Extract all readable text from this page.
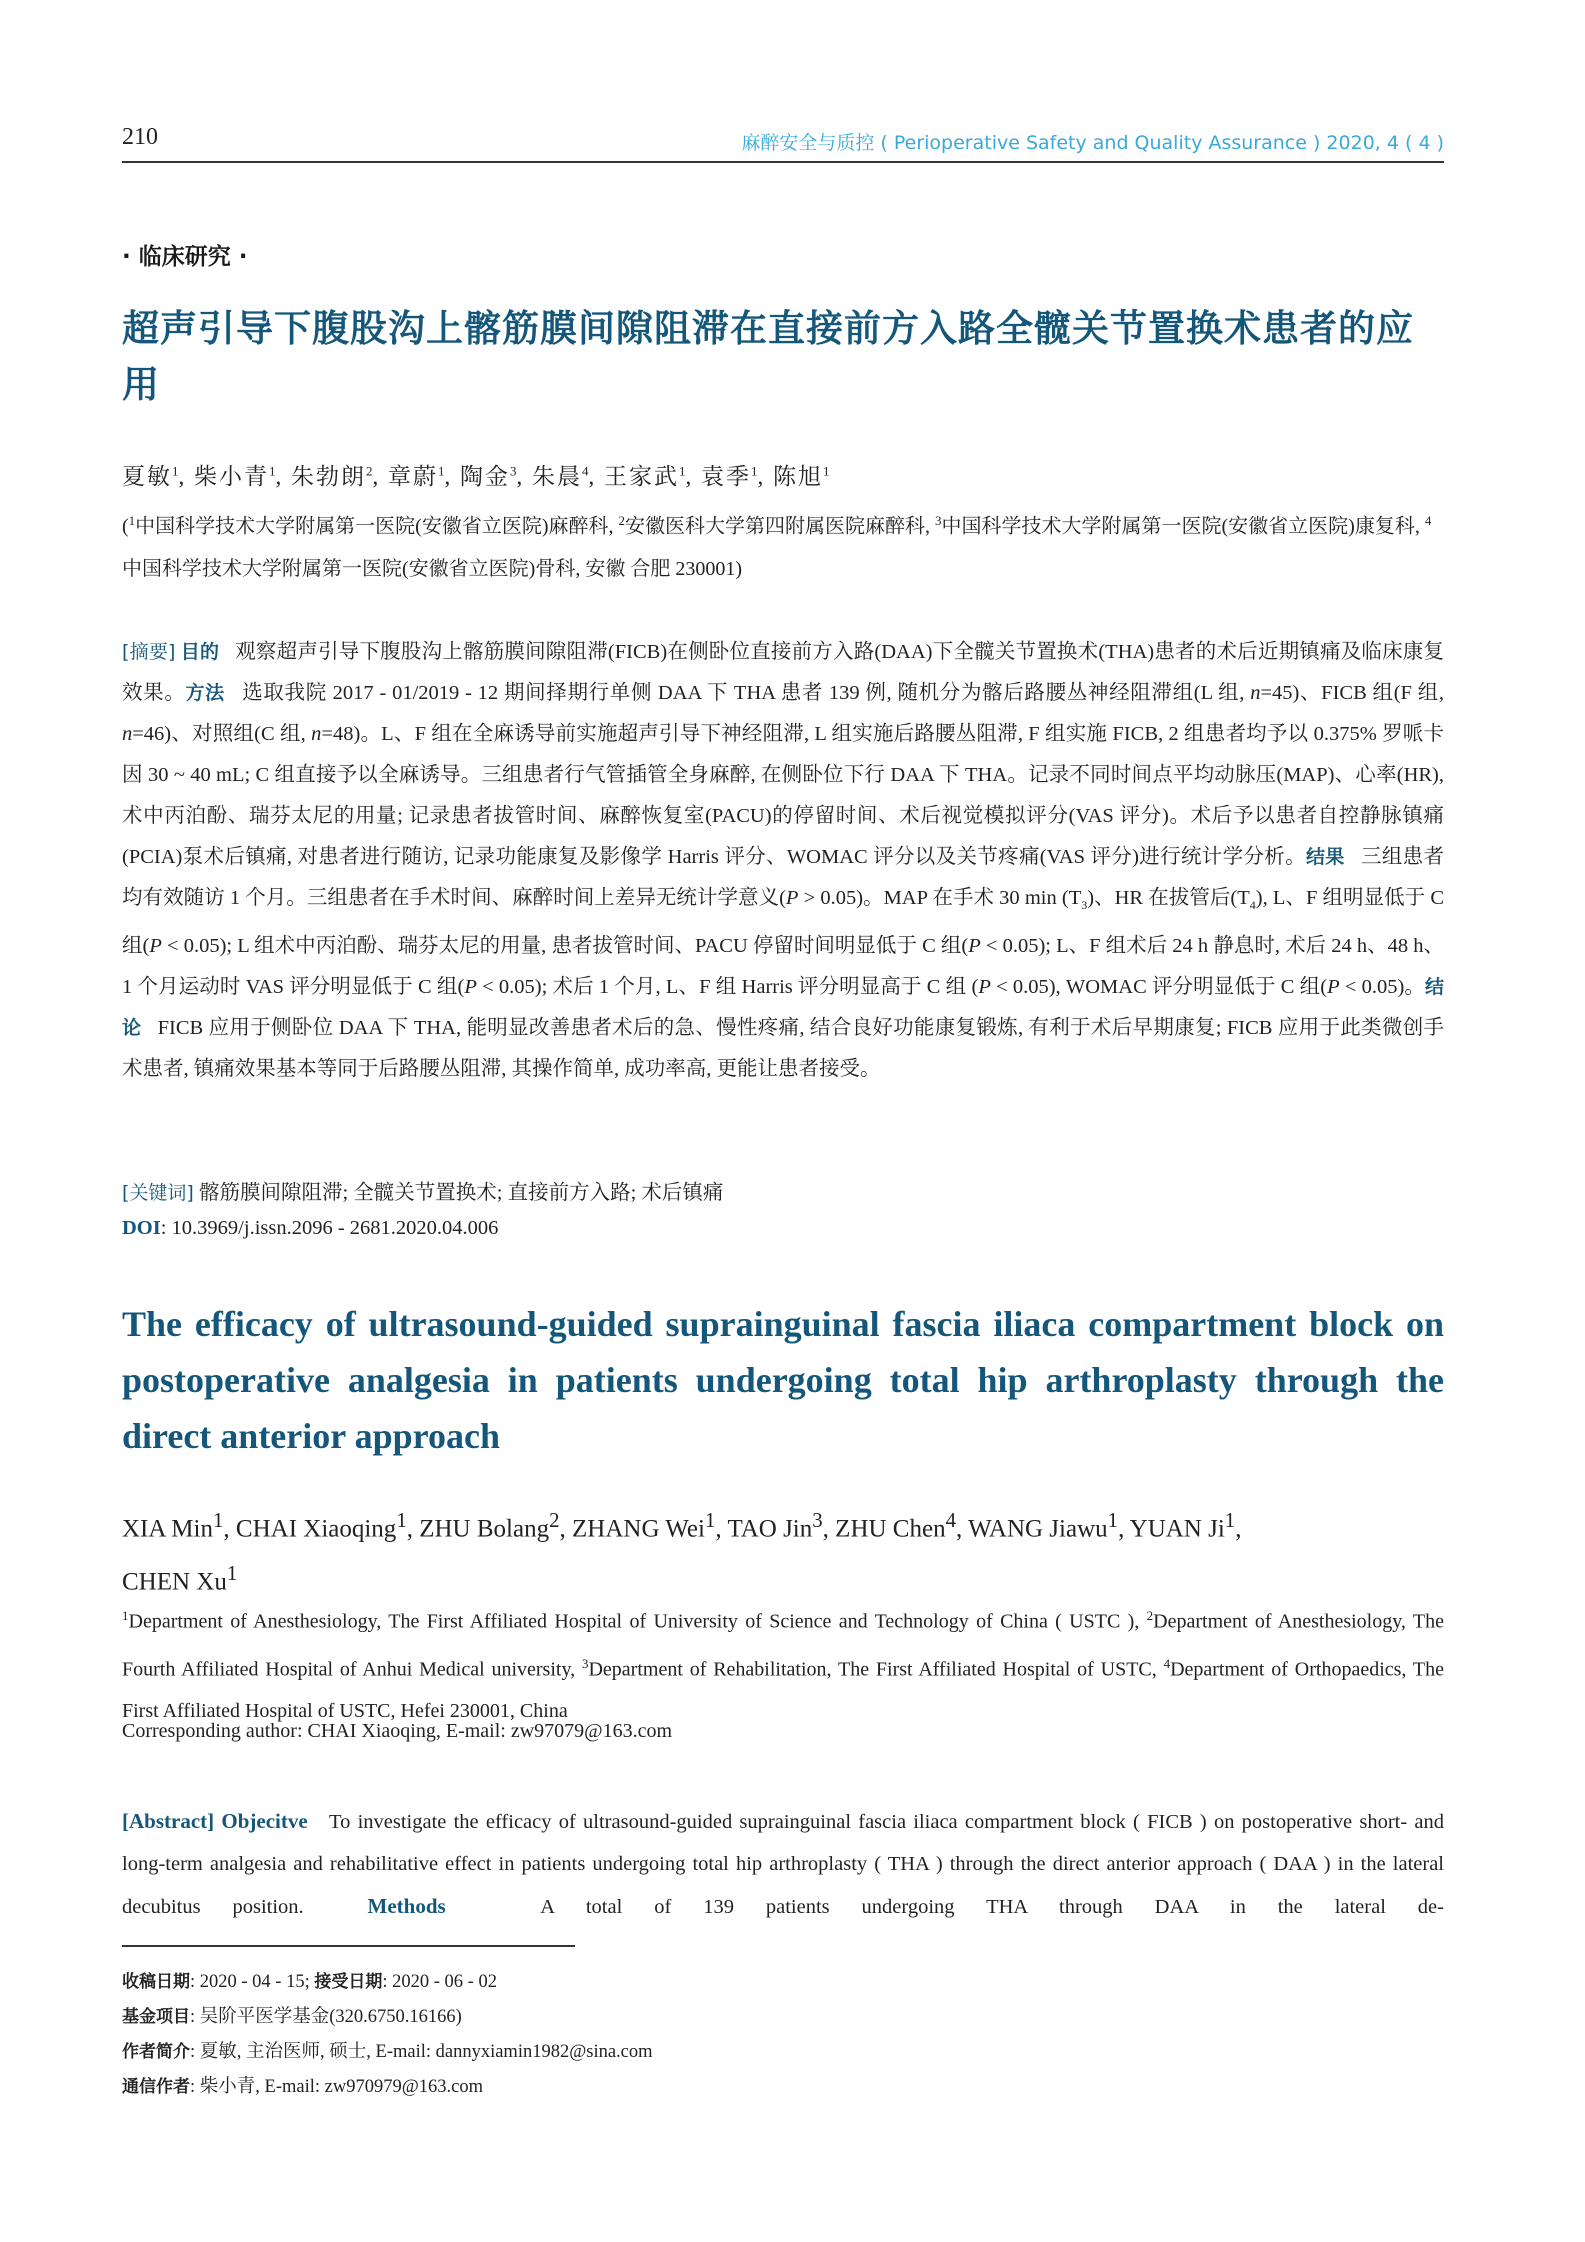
210	麻醉安全与质控 ( Perioperative Safety and Quality Assurance ) 2020, 4 ( 4 )
· 临床研究 ·
超声引导下腹股沟上髂筋膜间隙阻滞在直接前方入路全髋关节置换术患者的应用
夏敏$^1$, 柴小青$^1$, 朱勃朗$^2$, 章蔚$^1$, 陶金$^3$, 朱晨$^4$, 王家武$^1$, 袁季$^1$, 陈旭$^1$
($^1$中国科学技术大学附属第一医院(安徽省立医院)麻醉科, $^2$安徽医科大学第四附属医院麻醉科, $^3$中国科学技术大学附属第一医院(安徽省立医院)康复科, $^4$中国科学技术大学附属第一医院(安徽省立医院)骨科, 安徽 合肥 230001)
[摘要] 目的 观察超声引导下腹股沟上髂筋膜间隙阻滞(FICB)在侧卧位直接前方入路(DAA)下全髋关节置换术(THA)患者的术后近期镇痛及临床康复效果。方法 选取我院 2017 - 01/2019 - 12 期间择期行单侧 DAA 下 THA 患者 139 例, 随机分为髂后路腰丛神经阻滞组(L 组, n=45)、FICB 组(F 组, n=46)、对照组(C 组, n=48)。L、F 组在全麻诱导前实施超声引导下神经阻滞, L 组实施后路腰丛阻滞, F 组实施 FICB, 2 组患者均予以 0.375% 罗哌卡因 30 ~ 40 mL; C 组直接予以全麻诱导。三组患者行气管插管全身麻醉, 在侧卧位下行 DAA 下 THA。记录不同时间点平均动脉压(MAP)、心率(HR), 术中丙泊酚、瑞芬太尼的用量; 记录患者拔管时间、麻醉恢复室(PACU)的停留时间、术后视觉模拟评分(VAS 评分)。术后予以患者自控静脉镇痛(PCIA)泵术后镇痛, 对患者进行随访, 记录功能康复及影像学 Harris 评分、WOMAC 评分以及关节疼痛(VAS 评分)进行统计学分析。结果 三组患者均有效随访 1 个月。三组患者在手术时间、麻醉时间上差异无统计学意义(P > 0.05)。MAP 在手术 30 $\min (T_3)$、HR 在拔管后$(T_4)$, L、F 组明显低于 C 组(P < 0.05); L 组术中丙泊酚、瑞芬太尼的用量, 患者拔管时间、PACU 停留时间明显低于 C 组(P < 0.05); L、F 组术后 24 h 静息时, 术后 24 h、48 h、1 个月运动时 VAS 评分明显低于 C 组(P < 0.05); 术后 1 个月, L、F 组 Harris 评分明显高于 C 组 (P < 0.05), WOMAC 评分明显低于 C 组(P < 0.05)。结论 FICB 应用于侧卧位 DAA 下 THA, 能明显改善患者术后的急、慢性疼痛, 结合良好功能康复锻炼, 有利于术后早期康复; FICB 应用于此类微创手术患者, 镇痛效果基本等同于后路腰丛阻滞, 其操作简单, 成功率高, 更能让患者接受。
[关键词] 髂筋膜间隙阻滞; 全髋关节置换术; 直接前方入路; 术后镇痛
DOI: 10.3969/j.issn.2096 - 2681.2020.04.006
The efficacy of ultrasound-guided suprainguinal fascia iliaca compartment block on postoperative analgesia in patients undergoing total hip arthroplasty through the direct anterior approach
XIA Min$^1$, CHAI Xiaoqing$^1$, ZHU Bolang$^2$, ZHANG Wei$^1$, TAO Jin$^3$, ZHU Chen$^4$, WANG Jiawu$^1$, YUAN Ji$^1$,
CHEN Xu$^1$
$^1$Department of Anesthesiology, The First Affiliated Hospital of University of Science and Technology of China ( USTC ), $^2$Department of Anesthesiology, The Fourth Affiliated Hospital of Anhui Medical university, $^3$Department of Rehabilitation, The First Affiliated Hospital of USTC, $^4$Department of Orthopaedics, The First Affiliated Hospital of USTC, Hefei 230001, China
Corresponding author: CHAI Xiaoqing, E-mail: zw97079@163.com
[Abstract] Objecitve To investigate the efficacy of ultrasound-guided suprainguinal fascia iliaca compartment block ( FICB ) on postoperative short- and long-term analgesia and rehabilitative effect in patients undergoing total hip arthroplasty ( THA ) through the direct anterior approach ( DAA ) in the lateral decubitus position.	Methods	A total of 139 patients undergoing THA through DAA in the lateral de-
收稿日期: 2020 - 04 - 15; 接受日期: 2020 - 06 - 02
基金项目: 吴阶平医学基金(320.6750.16166)
作者简介: 夏敏, 主治医师, 硕士, E-mail: dannyxiamin1982@sina.com
通信作者: 柴小青, E-mail: zw970979@163.com
